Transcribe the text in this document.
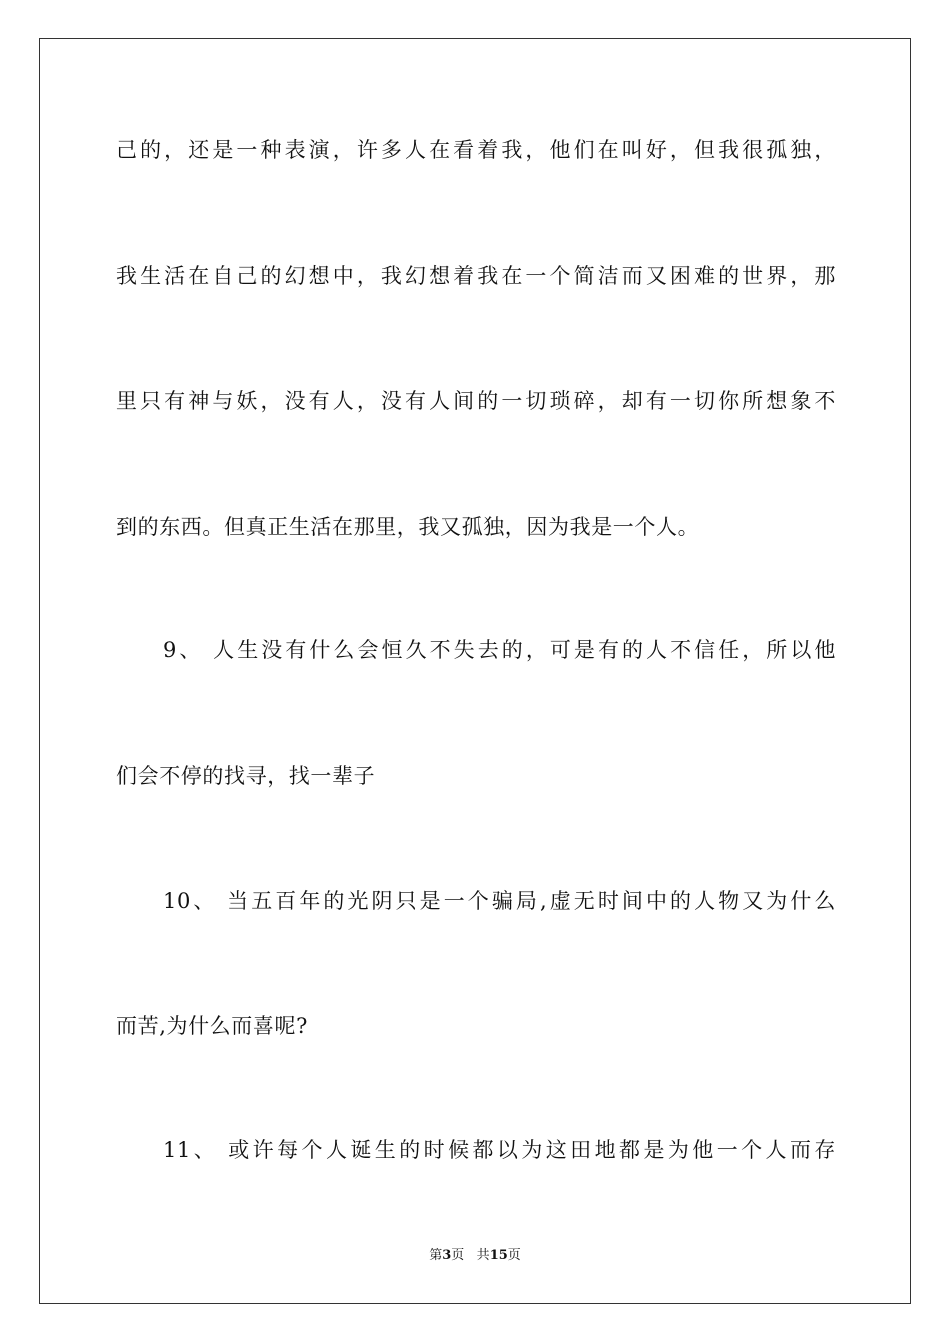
己的，还是一种表演，许多人在看着我，他们在叫好，但我很孤独，
我生活在自己的幻想中，我幻想着我在一个简洁而又困难的世界，那
里只有神与妖，没有人，没有人间的一切琐碎，却有一切你所想象不
到的东西。但真正生活在那里，我又孤独，因为我是一个人。
9、 人生没有什么会恒久不失去的，可是有的人不信任，所以他
们会不停的找寻，找一辈子
10、 当五百年的光阴只是一个骗局,虚无时间中的人物又为什么
而苦,为什么而喜呢?
11、 或许每个人诞生的时候都以为这田地都是为他一个人而存
第3页 共15页
